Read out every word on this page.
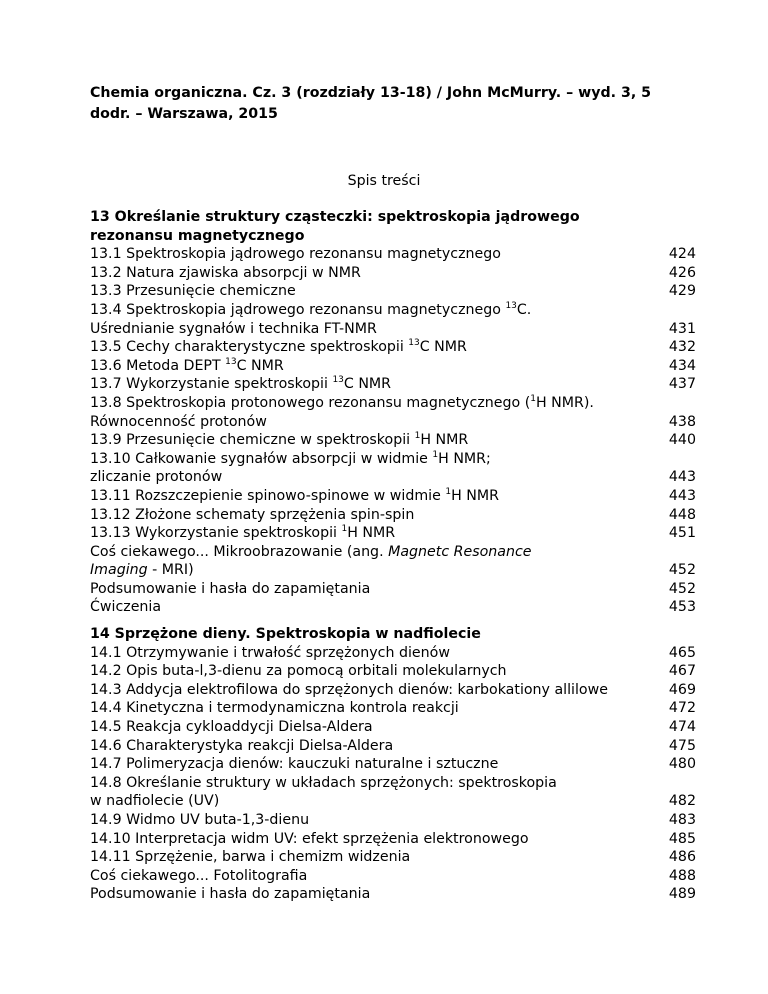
Chemia organiczna. Cz. 3 (rozdziały 13-18) / John McMurry. – wyd. 3, 5 dodr. – Warszawa, 2015
Spis treści
13 Określanie struktury cząsteczki: spektroskopia jądrowego
rezonansu magnetycznego
13.1 Spektroskopia jądrowego rezonansu magnetycznego	424
13.2 Natura zjawiska absorpcji w NMR	426
13.3 Przesunięcie chemiczne	429
13.4 Spektroskopia jądrowego rezonansu magnetycznego $^{13}$C.
Uśrednianie sygnałów i technika FT-NMR	431
13.5 Cechy charakterystyczne spektroskopii $^{13}$C NMR	432
13.6 Metoda DEPT $^{13}$C NMR	434
13.7 Wykorzystanie spektroskopii $^{13}$C NMR	437
13.8 Spektroskopia protonowego rezonansu magnetycznego ($^1$H NMR).
Równocenność protonów	438
13.9 Przesunięcie chemiczne w spektroskopii $^1$H NMR	440
13.10 Całkowanie sygnałów absorpcji w widmie $^1$H NMR;
zliczanie protonów	443
13.11 Rozszczepienie spinowo-spinowe w widmie $^1$H NMR	443
13.12 Złożone schematy sprzężenia spin-spin	448
13.13 Wykorzystanie spektroskopii $^1$H NMR	451
Coś ciekawego... Mikroobrazowanie (ang. Magnetc Resonance
Imaging - MRI)	452
Podsumowanie i hasła do zapamiętania	452
Ćwiczenia	453
14 Sprzężone dieny. Spektroskopia w nadfiolecie
14.1 Otrzymywanie i trwałość sprzężonych dienów	465
14.2 Opis buta-l,3-dienu za pomocą orbitali molekularnych	467
14.3 Addycja elektrofilowa do sprzężonych dienów: karbokationy allilowe	469
14.4 Kinetyczna i termodynamiczna kontrola reakcji	472
14.5 Reakcja cykloaddycji Dielsa-Aldera	474
14.6 Charakterystyka reakcji Dielsa-Aldera	475
14.7 Polimeryzacja dienów: kauczuki naturalne i sztuczne	480
14.8 Określanie struktury w układach sprzężonych: spektroskopia
w nadfiolecie (UV)	482
14.9 Widmo UV buta-1,3-dienu	483
14.10 Interpretacja widm UV: efekt sprzężenia elektronowego	485
14.11 Sprzężenie, barwa i chemizm widzenia	486
Coś ciekawego... Fotolitografia	488
Podsumowanie i hasła do zapamiętania	489
